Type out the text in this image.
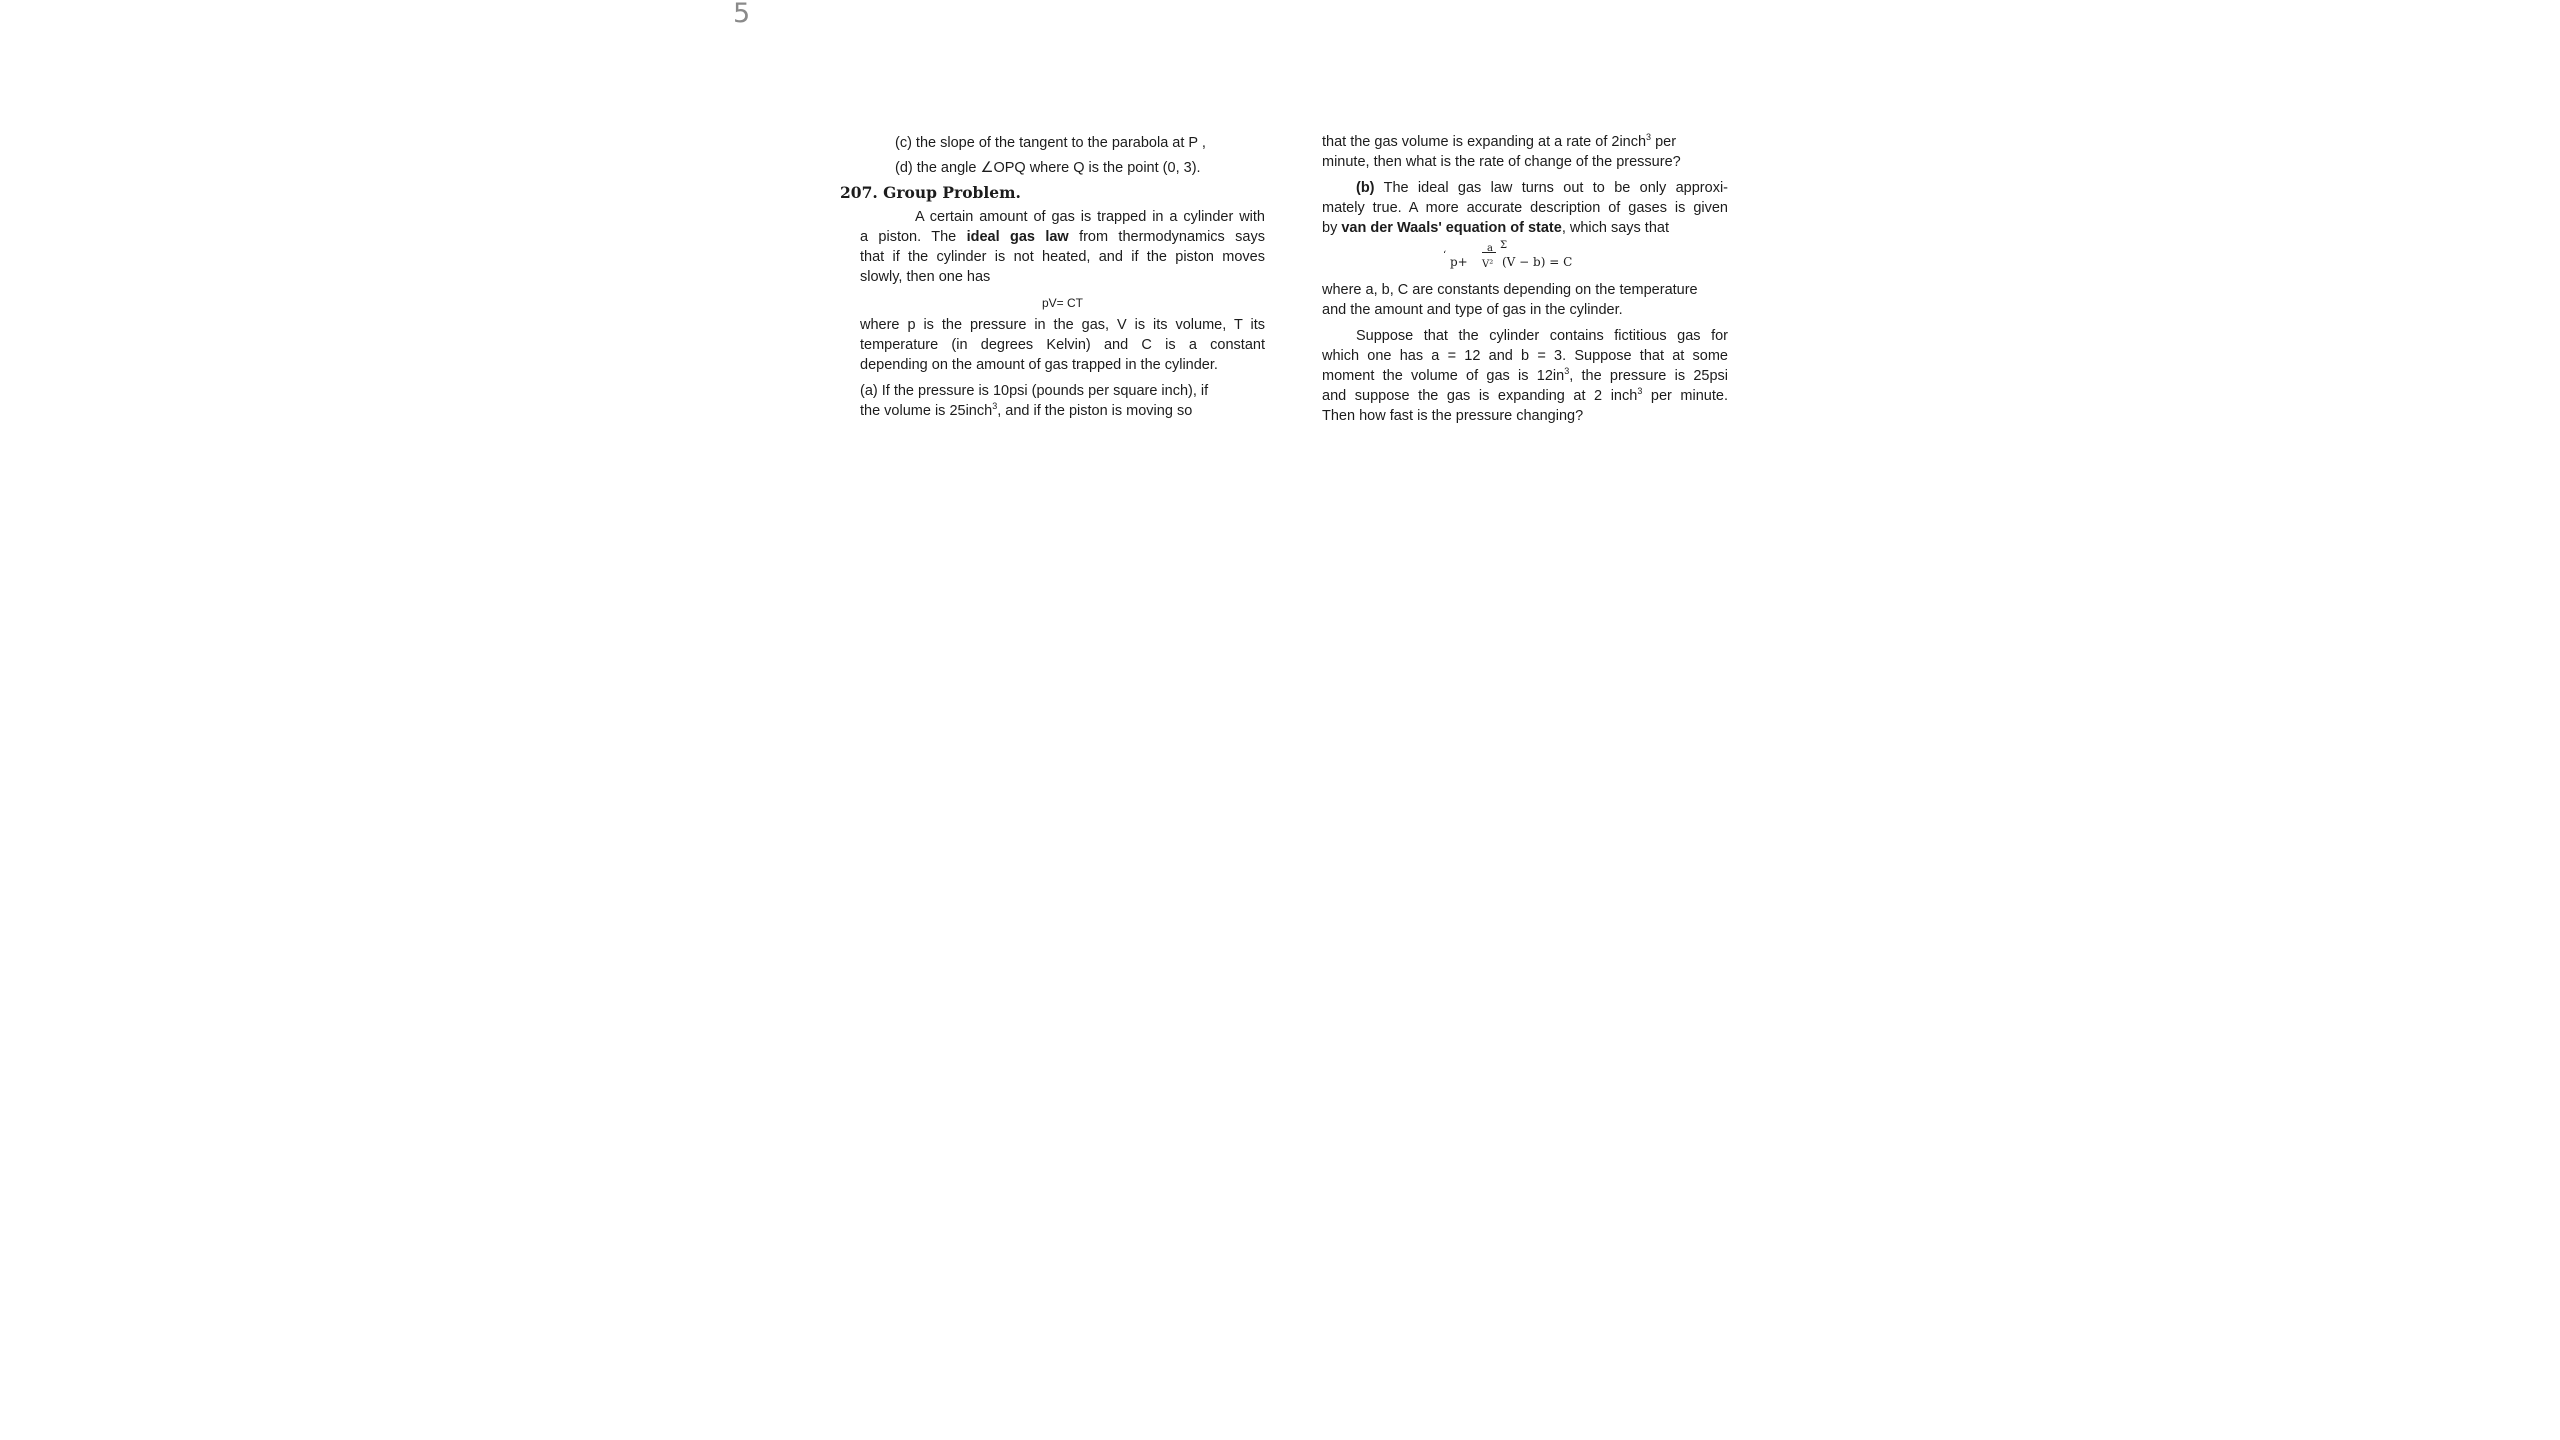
5
(c) the slope of the tangent to the parabola at P ,
(d) the angle ∠OPQ where Q is the point (0, 3).
207. Group Problem.
A certain amount of gas is trapped in a cylinder with
a piston. The ideal gas law from thermodynamics says
that if the cylinder is not heated, and if the piston moves
slowly, then one has
pV= CT
where p is the pressure in the gas, V is its volume, T its
temperature (in degrees Kelvin) and C is a constant
depending on the amount of gas trapped in the cylinder.
(a) If the pressure is 10psi (pounds per square inch), if
the volume is 25inch$^3$, and if the piston is moving so
that the gas volume is expanding at a rate of 2inch$^3$ per
minute, then what is the rate of change of the pressure?
(b) The ideal gas law turns out to be only approxi-
mately true. A more accurate description of gases is given
by van der Waals' equation of state, which says that
ʻ
Σ
p+
a
V² (V − b) = C
where a, b, C are constants depending on the temperature
and the amount and type of gas in the cylinder.
Suppose that the cylinder contains fictitious gas for
which one has a = 12 and b = 3. Suppose that at some
moment the volume of gas is $12in^3$, the pressure is 25psi
and suppose the gas is expanding at 2 inch$^3$ per minute.
Then how fast is the pressure changing?
